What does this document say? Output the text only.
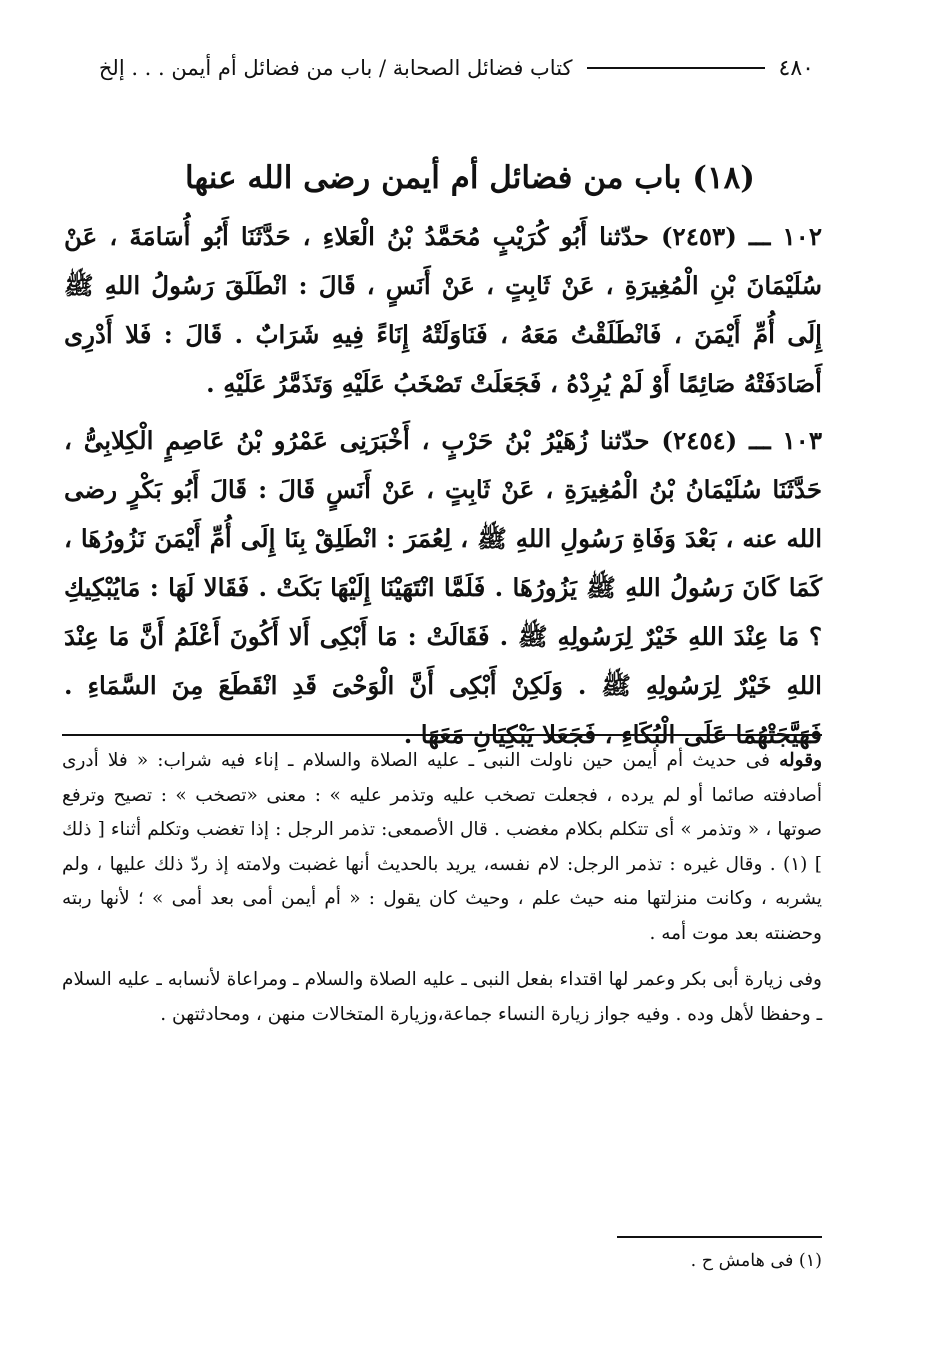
٤٨٠
كتاب فضائل الصحابة / باب من فضائل أم أيمن . . . إلخ
(١٨) باب من فضائل أم أيمن رضى الله عنها

١٠٢ ـــ (٢٤٥٣) حدّثنا أَبُو كُرَيْبٍ مُحَمَّدُ بْنُ الْعَلاءِ ، حَدَّثَنَا أَبُو أُسَامَةَ ، عَنْ سُلَيْمَانَ بْنِ الْمُغِيرَةِ ، عَنْ ثَابِتٍ ، عَنْ أَنَسٍ ، قَالَ : انْطَلَقَ رَسُولُ اللهِ ﷺ إِلَى أُمِّ أَيْمَنَ ، فَانْطَلَقْتُ مَعَهُ ، فَنَاوَلَتْهُ إِنَاءً فِيهِ شَرَابٌ . قَالَ : فَلا أَدْرِى أَصَادَفَتْهُ صَائِمًا أَوْ لَمْ يُرِدْهُ ، فَجَعَلَتْ تَصْخَبُ عَلَيْهِ وَتَذَمَّرُ عَلَيْهِ .

١٠٣ ـــ (٢٤٥٤) حدّثنا زُهَيْرُ بْنُ حَرْبٍ ، أَخْبَرَنِى عَمْرُو بْنُ عَاصِمٍ الْكِلابِىُّ ، حَدَّثَنَا سُلَيْمَانُ بْنُ الْمُغِيرَةِ ، عَنْ ثَابِتٍ ، عَنْ أَنَسٍ قَالَ : قَالَ أَبُو بَكْرٍ رضى الله عنه ، بَعْدَ وَفَاةِ رَسُولِ اللهِ ﷺ ، لِعُمَرَ : انْطَلِقْ بِنَا إِلَى أُمِّ أَيْمَنَ نَزُورُهَا ، كَمَا كَانَ رَسُولُ اللهِ ﷺ يَزُورُهَا . فَلَمَّا انْتَهَيْنَا إِلَيْهَا بَكَتْ . فَقَالا لَهَا : مَايُبْكِيكِ ؟ مَا عِنْدَ اللهِ خَيْرٌ لِرَسُولِهِ ﷺ . فَقَالَتْ : مَا أَبْكِى أَلا أَكُونَ أَعْلَمُ أَنَّ مَا عِنْدَ اللهِ خَيْرٌ لِرَسُولِهِ ﷺ . وَلَكِنْ أَبْكِى أَنَّ الْوَحْىَ قَدِ انْقَطَعَ مِنَ السَّمَاءِ . فَهَيَّجَتْهُمَا عَلَى الْبُكَاءِ ، فَجَعَلا يَبْكِيَانِ مَعَهَا .

وقوله فى حديث أم أيمن حين ناولت النبى ـ عليه الصلاة والسلام ـ إناء فيه شراب: « فلا أدرى أصادفته صائما أو لم يرده ، فجعلت تصخب عليه وتذمر عليه » : معنى «تصخب » : تصيح وترفع صوتها ، « وتذمر » أى تتكلم بكلام مغضب . قال الأصمعى: تذمر الرجل : إذا تغضب وتكلم أثناء [ ذلك ] (١) . وقال غيره : تذمر الرجل: لام نفسه، يريد بالحديث أنها غضبت ولامته إذ ردّ ذلك عليها ، ولم يشربه ، وكانت منزلتها منه حيث علم ، وحيث كان يقول : « أم أيمن أمى بعد أمى » ؛ لأنها ربته وحضنته بعد موت أمه .

وفى زيارة أبى بكر وعمر لها اقتداء بفعل النبى ـ عليه الصلاة والسلام ـ ومراعاة لأنسابه ـ عليه السلام ـ وحفظا لأهل وده . وفيه جواز زيارة النساء جماعة،وزيارة المتخالات منهن ، ومحادثتهن .

(١) فى هامش ح .
